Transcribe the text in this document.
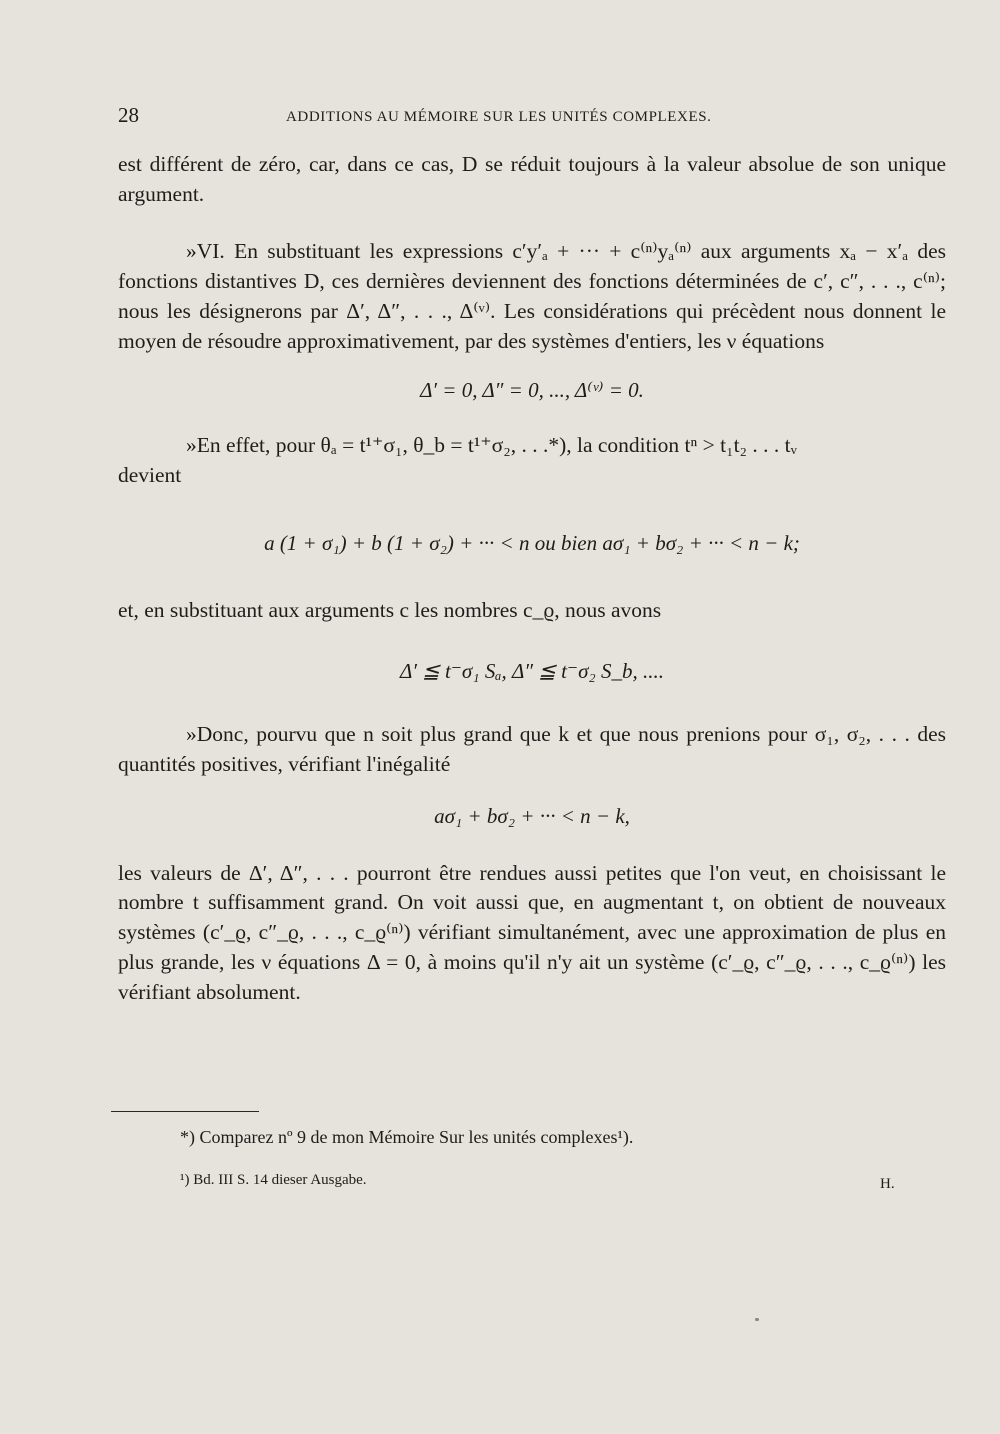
28	ADDITIONS AU MÉMOIRE SUR LES UNITÉS COMPLEXES.

est différent de zéro, car, dans ce cas, D se réduit toujours à la valeur absolue de son unique argument.

»VI. En substituant les expressions c′y′ₐ + ··· + c⁽ⁿ⁾yₐ⁽ⁿ⁾ aux arguments xₐ − x′ₐ des fonctions distantives D, ces dernières deviennent des fonctions déterminées de c′, c″, . . ., c⁽ⁿ⁾; nous les désignerons par Δ′, Δ″, . . ., Δ⁽ᵛ⁾. Les considérations qui précèdent nous donnent le moyen de résoudre approximativement, par des systèmes d'entiers, les ν équations

Δ′ = 0, Δ″ = 0, ..., Δ⁽ᵛ⁾ = 0.

»En effet, pour θₐ = t¹⁺σ₁, θ_b = t¹⁺σ₂, . . .*), la condition tⁿ > t₁t₂ . . . tᵥ

devient

a (1 + σ₁) + b (1 + σ₂) + ··· < n ou bien aσ₁ + bσ₂ + ··· < n − k;

et, en substituant aux arguments c les nombres c_ϱ, nous avons

Δ′ ≦ t⁻σ₁ Sₐ, Δ″ ≦ t⁻σ₂ S_b, ....

»Donc, pourvu que n soit plus grand que k et que nous prenions pour σ₁, σ₂, . . . des quantités positives, vérifiant l'inégalité

aσ₁ + bσ₂ + ··· < n − k,

les valeurs de Δ′, Δ″, . . . pourront être rendues aussi petites que l'on veut, en choisissant le nombre t suffisamment grand. On voit aussi que, en augmentant t, on obtient de nouveaux systèmes (c′_ϱ, c″_ϱ, . . ., c_ϱ⁽ⁿ⁾) vérifiant simultanément, avec une approximation de plus en plus grande, les ν équations Δ = 0, à moins qu'il n'y ait un système (c′_ϱ, c″_ϱ, . . ., c_ϱ⁽ⁿ⁾) les vérifiant absolument.

*) Comparez nº 9 de mon Mémoire Sur les unités complexes¹).
¹) Bd. III S. 14 dieser Ausgabe.	H.
